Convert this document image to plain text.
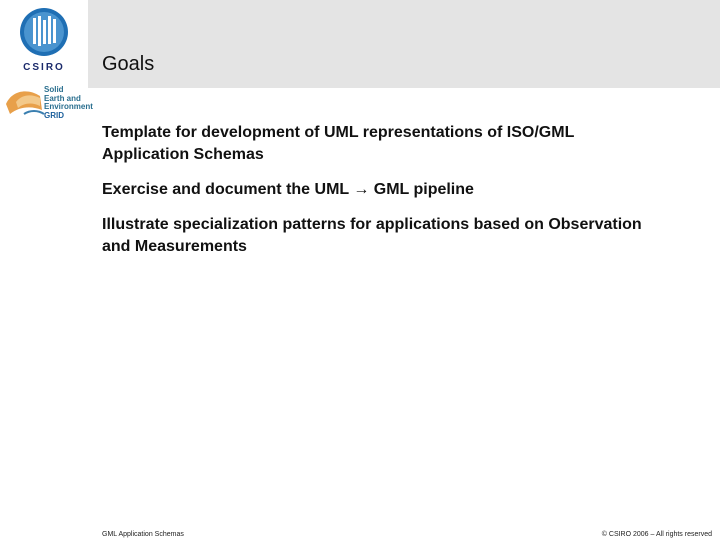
CSIRO
Solid
Earth and
Environment
GRID
Goals
Template for development of UML representations of ISO/GML Application Schemas
Exercise and document the UML → GML pipeline
Illustrate specialization patterns for applications based on Observation and Measurements
GML Application Schemas	© CSIRO 2006 – All rights reserved
